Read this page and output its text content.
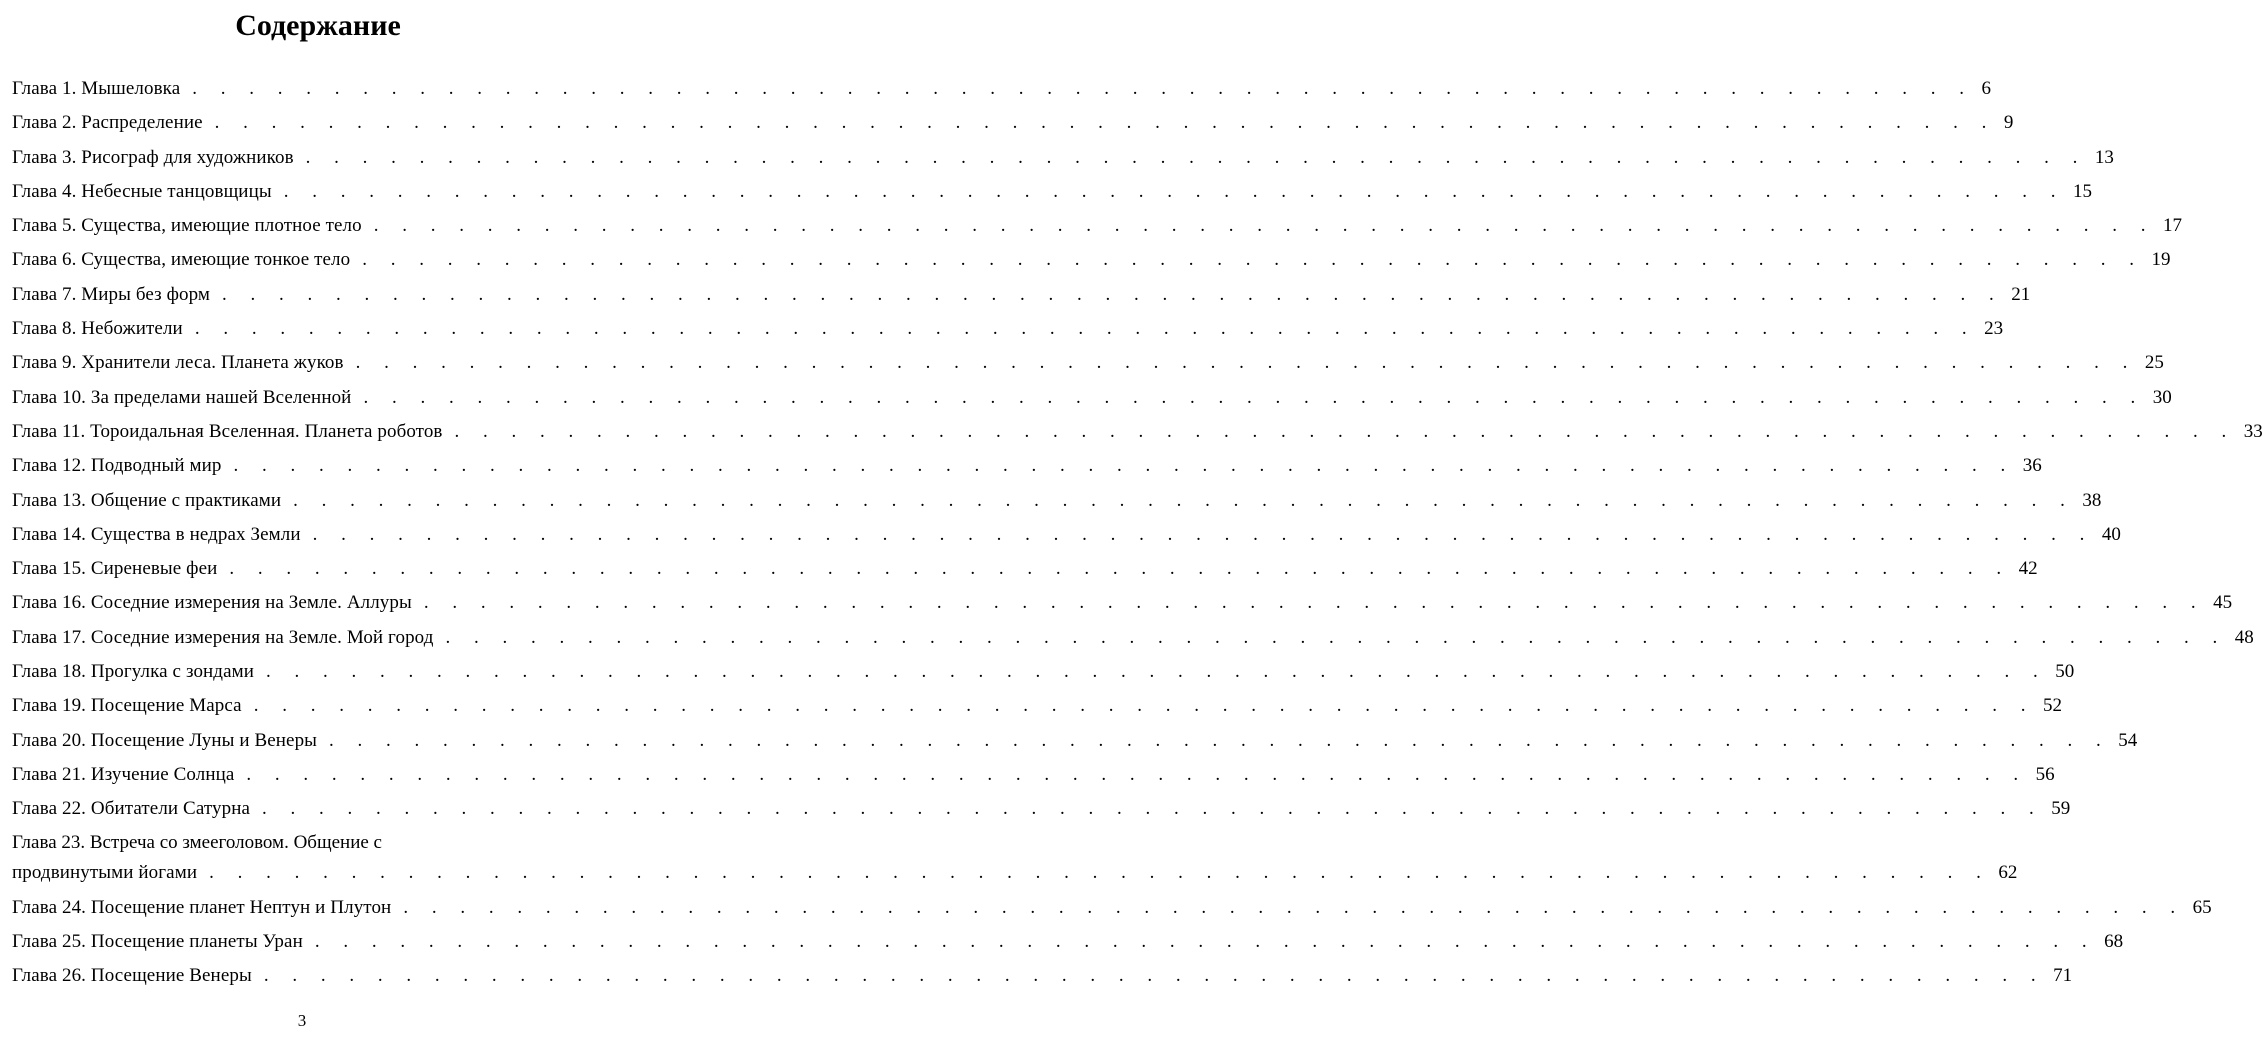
Содержание
Глава 1. Мышеловка . . . . . . . . . . . . . . . . . . . . . . . . . . . . . . . . . . . . . . . . . . . . . . . . . . . . . . . . . . . . . . . 6
Глава 2. Распределение . . . . . . . . . . . . . . . . . . . . . . . . . . . . . . . . . . . . . . . . . . . . . . . . . . . . . . . . . . . . . . . 9
Глава 3. Рисограф для художников . . . . . . . . . . . . . . . . . . . . . . . . . . . . . . . . . . . . . . . . . . . . . . . . . . . . . . . . . . . . . . . 13
Глава 4. Небесные танцовщицы . . . . . . . . . . . . . . . . . . . . . . . . . . . . . . . . . . . . . . . . . . . . . . . . . . . . . . . . . . . . . . . 15
Глава 5. Существа, имеющие плотное тело . . . . . . . . . . . . . . . . . . . . . . . . . . . . . . . . . . . . . . . . . . . . . . . . . . . . . . . . . . . . . . . 17
Глава 6. Существа, имеющие тонкое тело . . . . . . . . . . . . . . . . . . . . . . . . . . . . . . . . . . . . . . . . . . . . . . . . . . . . . . . . . . . . . . . 19
Глава 7. Миры без форм . . . . . . . . . . . . . . . . . . . . . . . . . . . . . . . . . . . . . . . . . . . . . . . . . . . . . . . . . . . . . . . 21
Глава 8. Небожители . . . . . . . . . . . . . . . . . . . . . . . . . . . . . . . . . . . . . . . . . . . . . . . . . . . . . . . . . . . . . . . 23
Глава 9. Хранители леса. Планета жуков . . . . . . . . . . . . . . . . . . . . . . . . . . . . . . . . . . . . . . . . . . . . . . . . . . . . . . . . . . . . . . . 25
Глава 10. За пределами нашей Вселенной . . . . . . . . . . . . . . . . . . . . . . . . . . . . . . . . . . . . . . . . . . . . . . . . . . . . . . . . . . . . . . . 30
Глава 11. Тороидальная Вселенная. Планета роботов . . . . . . . . . . . . . . . . . . . . . . . . . . . . . . . . . . . . . . . . . . . . . . . . . . . . . . . . . . . . . . . 33
Глава 12. Подводный мир . . . . . . . . . . . . . . . . . . . . . . . . . . . . . . . . . . . . . . . . . . . . . . . . . . . . . . . . . . . . . . . 36
Глава 13. Общение с практиками . . . . . . . . . . . . . . . . . . . . . . . . . . . . . . . . . . . . . . . . . . . . . . . . . . . . . . . . . . . . . . . 38
Глава 14. Существа в недрах Земли . . . . . . . . . . . . . . . . . . . . . . . . . . . . . . . . . . . . . . . . . . . . . . . . . . . . . . . . . . . . . . . 40
Глава 15. Сиреневые феи . . . . . . . . . . . . . . . . . . . . . . . . . . . . . . . . . . . . . . . . . . . . . . . . . . . . . . . . . . . . . . . 42
Глава 16. Соседние измерения на Земле. Аллуры . . . . . . . . . . . . . . . . . . . . . . . . . . . . . . . . . . . . . . . . . . . . . . . . . . . . . . . . . . . . . . . 45
Глава 17. Соседние измерения на Земле. Мой город . . . . . . . . . . . . . . . . . . . . . . . . . . . . . . . . . . . . . . . . . . . . . . . . . . . . . . . . . . . . . . . 48
Глава 18. Прогулка с зондами . . . . . . . . . . . . . . . . . . . . . . . . . . . . . . . . . . . . . . . . . . . . . . . . . . . . . . . . . . . . . . . 50
Глава 19. Посещение Марса . . . . . . . . . . . . . . . . . . . . . . . . . . . . . . . . . . . . . . . . . . . . . . . . . . . . . . . . . . . . . . . 52
Глава 20. Посещение Луны и Венеры . . . . . . . . . . . . . . . . . . . . . . . . . . . . . . . . . . . . . . . . . . . . . . . . . . . . . . . . . . . . . . . 54
Глава 21. Изучение Солнца . . . . . . . . . . . . . . . . . . . . . . . . . . . . . . . . . . . . . . . . . . . . . . . . . . . . . . . . . . . . . . . 56
Глава 22. Обитатели Сатурна . . . . . . . . . . . . . . . . . . . . . . . . . . . . . . . . . . . . . . . . . . . . . . . . . . . . . . . . . . . . . . . 59
Глава 23. Встреча со змееголовом. Общение с
продвинутыми йогами . . . . . . . . . . . . . . . . . . . . . . . . . . . . . . . . . . . . . . . . . . . . . . . . . . . . . . . . . . . . . . . 62
Глава 24. Посещение планет Нептун и Плутон . . . . . . . . . . . . . . . . . . . . . . . . . . . . . . . . . . . . . . . . . . . . . . . . . . . . . . . . . . . . . . . 65
Глава 25. Посещение планеты Уран . . . . . . . . . . . . . . . . . . . . . . . . . . . . . . . . . . . . . . . . . . . . . . . . . . . . . . . . . . . . . . . 68
Глава 26. Посещение Венеры . . . . . . . . . . . . . . . . . . . . . . . . . . . . . . . . . . . . . . . . . . . . . . . . . . . . . . . . . . . . . . . 71
3
